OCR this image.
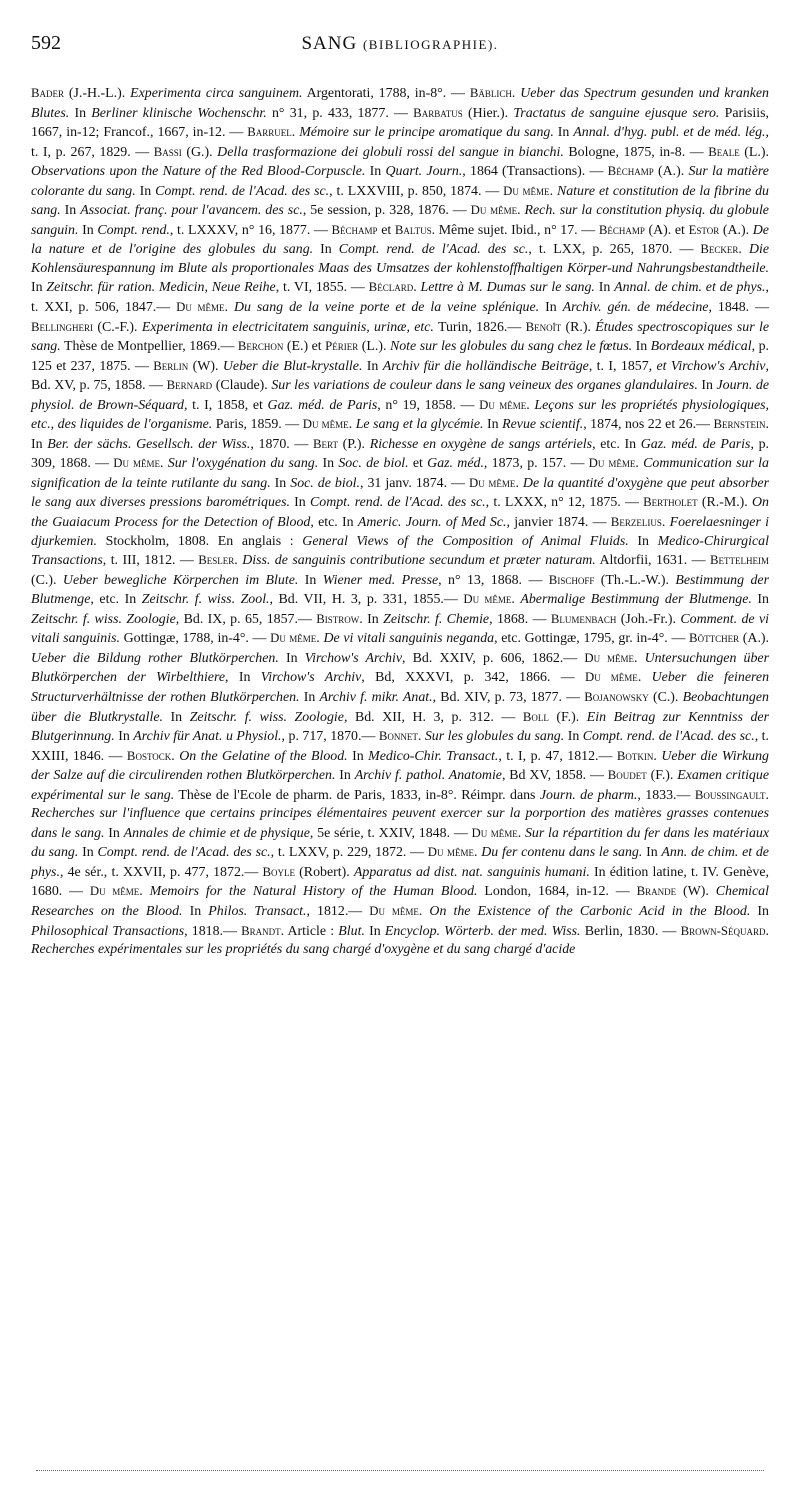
592	SANG (BIBLIOGRAPHIE).

Bader (J.-H.-L.). Experimenta circa sanguinem. Argentorati, 1788, in-8°. — Bäblich. Ueber das Spectrum gesunden und kranken Blutes. In Berliner klinische Wochenschr. n° 31, p. 433, 1877. — Barbatus (Hier.). Tractatus de sanguine ejusque sero. Parisiis, 1667, in-12; Francof., 1667, in-12. — Barruel. Mémoire sur le principe aromatique du sang. In Annal. d'hyg. publ. et de méd. lég., t. I, p. 267, 1829. — Bassi (G.). Della trasformazione dei globuli rossi del sangue in bianchi. Bologne, 1875, in-8. — Beale (L.). Observations upon the Nature of the Red Blood-Corpuscle. In Quart. Journ., 1864 (Transactions). — Béchamp (A.). Sur la matière colorante du sang. In Compt. rend. de l'Acad. des sc., t. LXXVIII, p. 850, 1874. — Du même. Nature et constitution de la fibrine du sang. In Associat. franç. pour l'avancem. des sc., 5e session, p. 328, 1876. — Du même. Rech. sur la constitution physiq. du globule sanguin. In Compt. rend., t. LXXXV, n° 16, 1877. — Béchamp et Baltus. Même sujet. Ibid., n° 17. — Béchamp (A). et Estor (A.). De la nature et de l'origine des globules du sang. In Compt. rend. de l'Acad. des sc., t. LXX, p. 265, 1870. — Becker. Die Kohlensäurespannung im Blute als proportionales Maas des Umsatzes der kohlenstoffhaltigen Körper-und Nahrungsbestandtheile. In Zeitschr. für ration. Medicin, Neue Reihe, t. VI, 1855. — Béclard. Lettre à M. Dumas sur le sang. In Annal. de chim. et de phys., t. XXI, p. 506, 1847.— Du même. Du sang de la veine porte et de la veine splénique. In Archiv. gén. de médecine, 1848. — Bellingheri (C.-F.). Experimenta in electricitatem sanguinis, urinæ, etc. Turin, 1826.— Benoît (R.). Études spectroscopiques sur le sang. Thèse de Montpellier, 1869.— Berchon (E.) et Périer (L.). Note sur les globules du sang chez le fœtus. In Bordeaux médical, p. 125 et 237, 1875. — Berlin (W). Ueber die Blut-krystalle. In Archiv für die holländische Beiträge, t. I, 1857, et Virchow's Archiv, Bd. XV, p. 75, 1858. — Bernard (Claude). Sur les variations de couleur dans le sang veineux des organes glandulaires. In Journ. de physiol. de Brown-Séquard, t. I, 1858, et Gaz. méd. de Paris, n° 19, 1858. — Du même. Leçons sur les propriétés physiologiques, etc., des liquides de l'organisme. Paris, 1859. — Du même. Le sang et la glycémie. In Revue scientif., 1874, nos 22 et 26.— Bernstein. In Ber. der sächs. Gesellsch. der Wiss., 1870. — Bert (P.). Richesse en oxygène de sangs artériels, etc. In Gaz. méd. de Paris, p. 309, 1868. — Du même. Sur l'oxygénation du sang. In Soc. de biol. et Gaz. méd., 1873, p. 157. — Du même. Communication sur la signification de la teinte rutilante du sang. In Soc. de biol., 31 janv. 1874. — Du même. De la quantité d'oxygène que peut absorber le sang aux diverses pressions barométriques. In Compt. rend. de l'Acad. des sc., t. LXXX, n° 12, 1875. — Bertholet (R.-M.). On the Guaiacum Process for the Detection of Blood, etc. In Americ. Journ. of Med Sc., janvier 1874. — Berzelius. Foerelaesninger i djurkemien. Stockholm, 1808. En anglais : General Views of the Composition of Animal Fluids. In Medico-Chirurgical Transactions, t. III, 1812. — Besler. Diss. de sanguinis contributione secundum et præter naturam. Altdorfii, 1631. — Bettelheim (C.). Ueber bewegliche Körperchen im Blute. In Wiener med. Presse, n° 13, 1868. — Bischoff (Th.-L.-W.). Bestimmung der Blutmenge, etc. In Zeitschr. f. wiss. Zool., Bd. VII, H. 3, p. 331, 1855.— Du même. Abermalige Bestimmung der Blutmenge. In Zeitschr. f. wiss. Zoologie, Bd. IX, p. 65, 1857.— Bistrow. In Zeitschr. f. Chemie, 1868. — Blumenbach (Joh.-Fr.). Comment. de vi vitali sanguinis. Gottingæ, 1788, in-4°. — Du même. De vi vitali sanguinis neganda, etc. Gottingæ, 1795, gr. in-4°. — Böttcher (A.). Ueber die Bildung rother Blutkörperchen. In Virchow's Archiv, Bd. XXIV, p. 606, 1862.— Du même. Untersuchungen über Blutkörperchen der Wirbelthiere, In Virchow's Archiv, Bd, XXXVI, p. 342, 1866. — Du même. Ueber die feineren Structurverhältnisse der rothen Blutkörperchen. In Archiv f. mikr. Anat., Bd. XIV, p. 73, 1877. — Bojanowsky (C.). Beobachtungen über die Blutkrystalle. In Zeitschr. f. wiss. Zoologie, Bd. XII, H. 3, p. 312. — Boll (F.). Ein Beitrag zur Kenntniss der Blutgerinnung. In Archiv für Anat. u Physiol., p. 717, 1870.— Bonnet. Sur les globules du sang. In Compt. rend. de l'Acad. des sc., t. XXIII, 1846. — Bostock. On the Gelatine of the Blood. In Medico-Chir. Transact., t. I, p. 47, 1812.— Botkin. Ueber die Wirkung der Salze auf die circulirenden rothen Blutkörperchen. In Archiv f. pathol. Anatomie, Bd XV, 1858. — Boudet (F.). Examen critique expérimental sur le sang. Thèse de l'Ecole de pharm. de Paris, 1833, in-8°. Réimpr. dans Journ. de pharm., 1833.— Boussingault. Recherches sur l'influence que certains principes élémentaires peuvent exercer sur la porportion des matières grasses contenues dans le sang. In Annales de chimie et de physique, 5e série, t. XXIV, 1848. — Du même. Sur la répartition du fer dans les matériaux du sang. In Compt. rend. de l'Acad. des sc., t. LXXV, p. 229, 1872. — Du même. Du fer contenu dans le sang. In Ann. de chim. et de phys., 4e sér., t. XXVII, p. 477, 1872.— Boyle (Robert). Apparatus ad dist. nat. sanguinis humani. In édition latine, t. IV. Genève, 1680. — Du même. Memoirs for the Natural History of the Human Blood. London, 1684, in-12. — Brande (W). Chemical Researches on the Blood. In Philos. Transact., 1812.— Du même. On the Existence of the Carbonic Acid in the Blood. In Philosophical Transactions, 1818.— Brandt. Article : Blut. In Encyclop. Wörterb. der med. Wiss. Berlin, 1830. — Brown-Séquard. Recherches expérimentales sur les propriétés du sang chargé d'oxygène et du sang chargé d'acide
